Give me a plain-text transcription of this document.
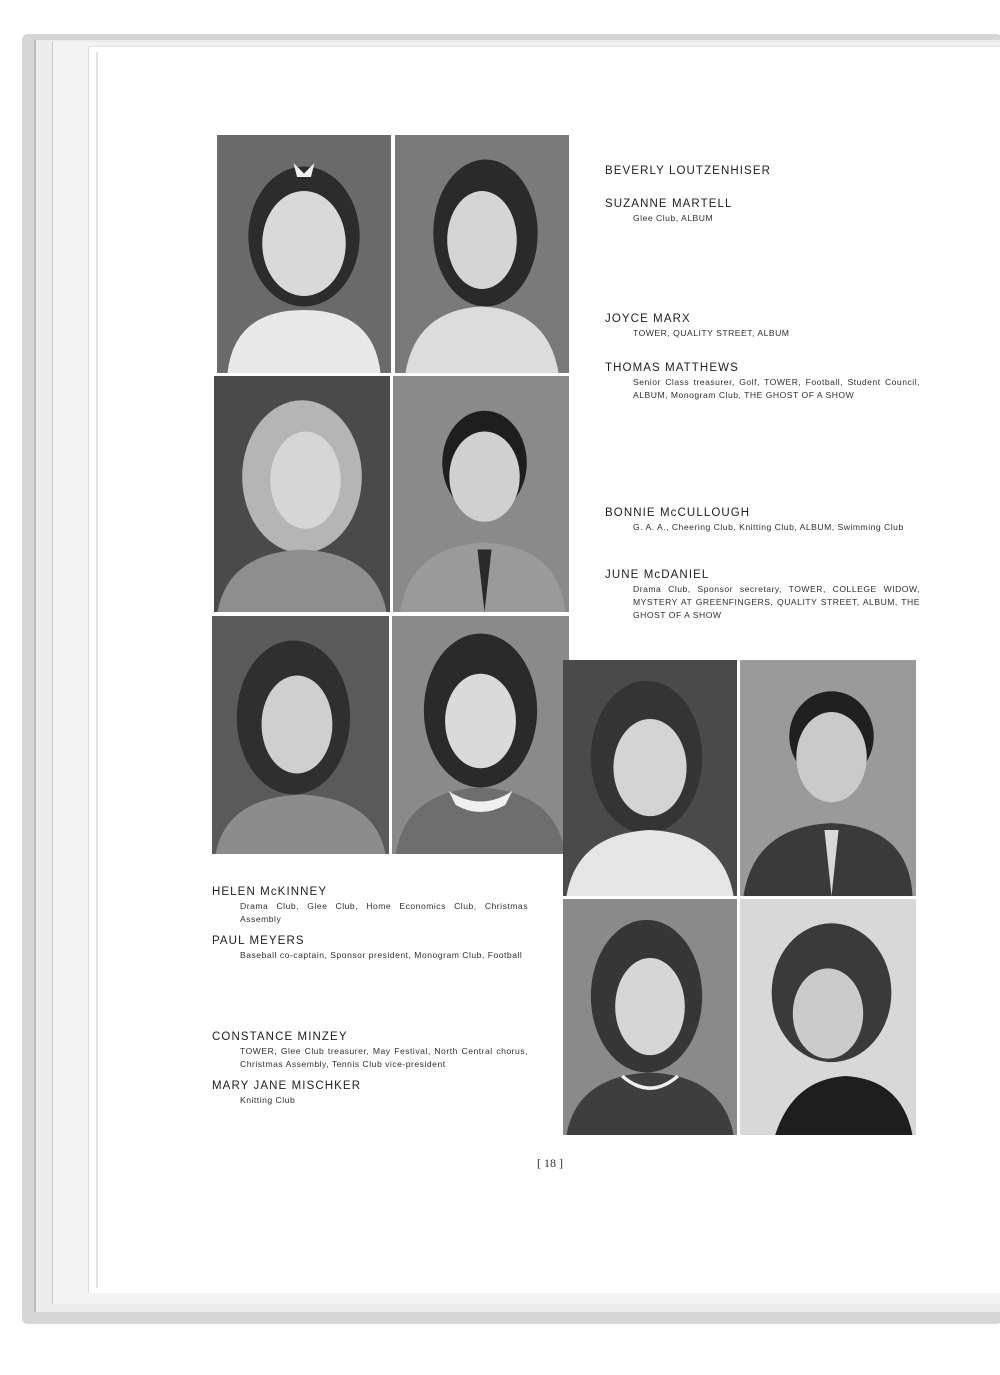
BEVERLY LOUTZENHISER
SUZANNE MARTELL
Glee Club, ALBUM
JOYCE MARX
TOWER, QUALITY STREET, ALBUM
THOMAS MATTHEWS
Senior Class treasurer, Golf, TOWER, Football, Student Council, ALBUM, Monogram Club, THE GHOST OF A SHOW
BONNIE McCULLOUGH
G. A. A., Cheering Club, Knitting Club, ALBUM, Swimming Club
JUNE McDANIEL
Drama Club, Sponsor secretary, TOWER, COLLEGE WIDOW, MYSTERY AT GREENFINGERS, QUALITY STREET, ALBUM, THE GHOST OF A SHOW
HELEN McKINNEY
Drama Club, Glee Club, Home Economics Club, Christmas Assembly
PAUL MEYERS
Baseball co-captain, Sponsor president, Monogram Club, Football
CONSTANCE MINZEY
TOWER, Glee Club treasurer, May Festival, North Central chorus, Christmas Assembly, Tennis Club vice-president
MARY JANE MISCHKER
Knitting Club
[ 18 ]
